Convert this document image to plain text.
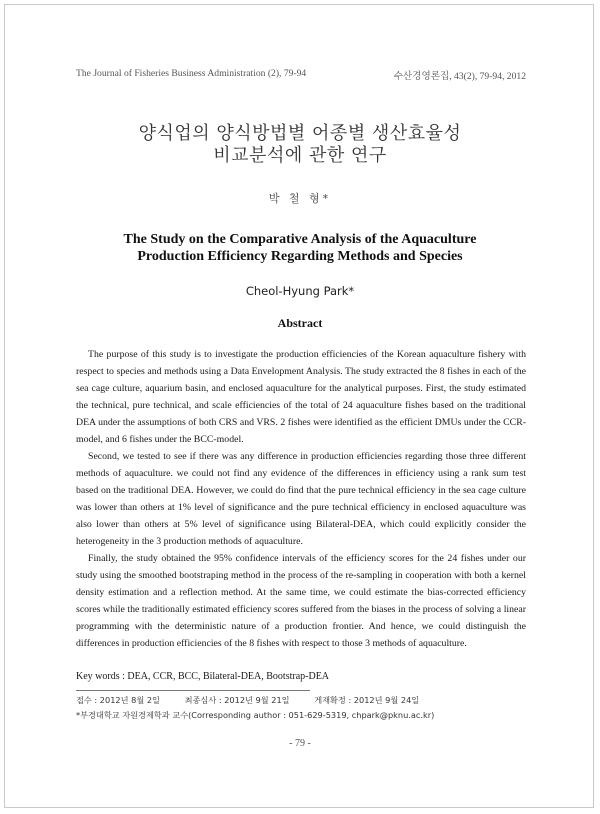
The Journal of Fisheries Business Administration (2), 79-94	수산경영론집, 43(2), 79-94, 2012
양식업의 양식방법별 어종별 생산효율성
비교분석에 관한 연구
박 철 형*
The Study on the Comparative Analysis of the Aquaculture
Production Efficiency Regarding Methods and Species
Cheol-Hyung Park*
Abstract

The purpose of this study is to investigate the production efficiencies of the Korean aquaculture fishery with respect to species and methods using a Data Envelopment Analysis. The study extracted the 8 fishes in each of the sea cage culture, aquarium basin, and enclosed aquaculture for the analytical purposes. First, the study estimated the technical, pure technical, and scale efficiencies of the total of 24 aquaculture fishes based on the traditional DEA under the assumptions of both CRS and VRS. 2 fishes were identified as the efficient DMUs under the CCR-model, and 6 fishes under the BCC-model.

Second, we tested to see if there was any difference in production efficiencies regarding those three different methods of aquaculture. we could not find any evidence of the differences in efficiency using a rank sum test based on the traditional DEA. However, we could do find that the pure technical efficiency in the sea cage culture was lower than others at 1% level of significance and the pure technical efficiency in enclosed aquaculture was also lower than others at 5% level of significance using Bilateral-DEA, which could explicitly consider the heterogeneity in the 3 production methods of aquaculture.

Finally, the study obtained the 95% confidence intervals of the efficiency scores for the 24 fishes under our study using the smoothed bootstraping method in the process of the re-sampling in cooperation with both a kernel density estimation and a reflection method. At the same time, we could estimate the bias-corrected efficiency scores while the traditionally estimated efficiency scores suffered from the biases in the process of solving a linear programming with the deterministic nature of a production frontier. And hence, we could distinguish the differences in production efficiencies of the 8 fishes with respect to those 3 methods of aquaculture.

Key words : DEA, CCR, BCC, Bilateral-DEA, Bootstrap-DEA
접수 : 2012년 8월 2일	최종심사 : 2012년 9월 21일	게재확정 : 2012년 9월 24일
*부경대학교 자원경제학과 교수(Corresponding author : 051-629-5319, chpark@pknu.ac.kr)
- 79 -
